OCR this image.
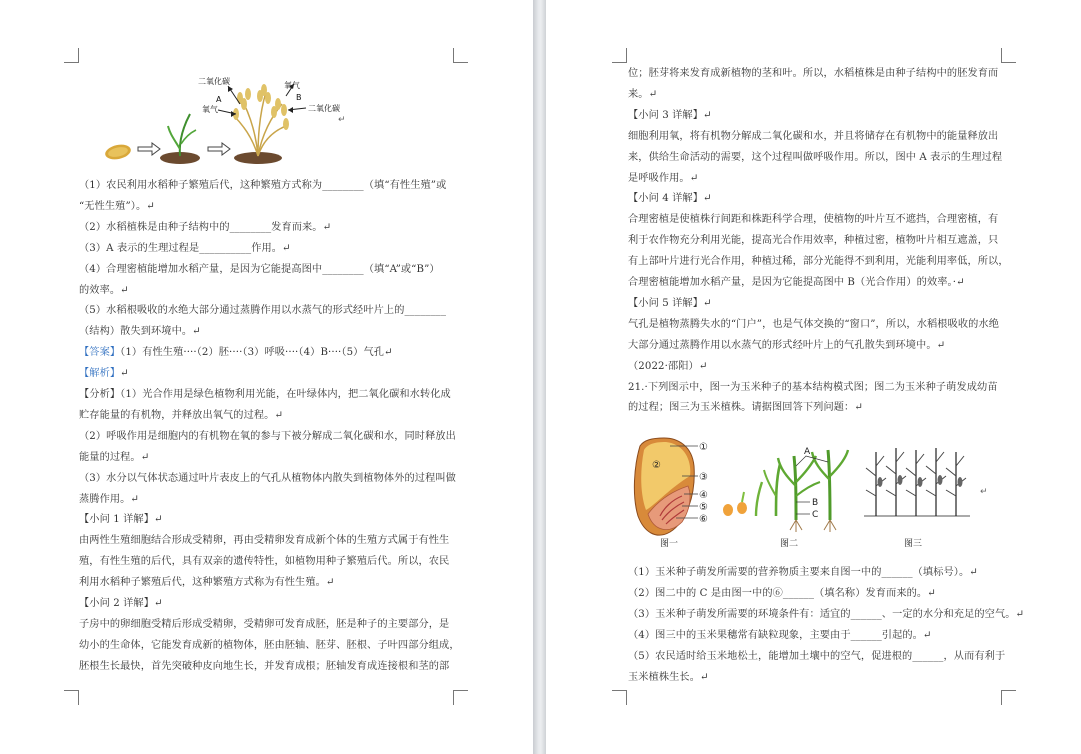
二氧化碳
A
氧气
氧气
B
二氧化碳
↵
（1）农民利用水稻种子繁殖后代，这种繁殖方式称为________（填“有性生殖”或
“无性生殖”）。↵
（2）水稻植株是由种子结构中的________发育而来。↵
（3）A 表示的生理过程是__________作用。↵
（4）合理密植能增加水稻产量，是因为它能提高图中________（填“A”或“B”）
的效率。↵
（5）水稻根吸收的水绝大部分通过蒸腾作用以水蒸气的形式经叶片上的________
（结构）散失到环境中。↵
【答案】（1）有性生殖····（2）胚····（3）呼吸····（4）B····（5）气孔↵
【解析】↵
【分析】（1）光合作用是绿色植物利用光能，在叶绿体内，把二氧化碳和水转化成
贮存能量的有机物，并释放出氧气的过程。↵
（2）呼吸作用是细胞内的有机物在氧的参与下被分解成二氧化碳和水，同时释放出
能量的过程。↵
（3）水分以气体状态通过叶片表皮上的气孔从植物体内散失到植物体外的过程叫做
蒸腾作用。↵
【小问 1 详解】↵
由两性生殖细胞结合形成受精卵，再由受精卵发育成新个体的生殖方式属于有性生
殖，有性生殖的后代，具有双亲的遗传特性，如植物用种子繁殖后代。所以，农民
利用水稻种子繁殖后代，这种繁殖方式称为有性生殖。↵
【小问 2 详解】↵
子房中的卵细胞受精后形成受精卵，受精卵可发育成胚，胚是种子的主要部分，是
幼小的生命体，它能发育成新的植物体，胚由胚轴、胚芽、胚根、子叶四部分组成，
胚根生长最快，首先突破种皮向地生长，并发育成根；胚轴发育成连接根和茎的部
位；胚芽将来发育成新植物的茎和叶。所以，水稻植株是由种子结构中的胚发育而
来。↵
【小问 3 详解】↵
细胞利用氧，将有机物分解成二氧化碳和水，并且将储存在有机物中的能量释放出
来，供给生命活动的需要，这个过程叫做呼吸作用。所以，图中 A 表示的生理过程
是呼吸作用。↵
【小问 4 详解】↵
合理密植是使植株行间距和株距科学合理，使植物的叶片互不遮挡，合理密植，有
利于农作物充分利用光能，提高光合作用效率，种植过密，植物叶片相互遮盖，只
有上部叶片进行光合作用，种植过稀，部分光能得不到利用，光能利用率低，所以，
合理密植能增加水稻产量，是因为它能提高图中 B（光合作用）的效率。·↵
【小问 5 详解】↵
气孔是植物蒸腾失水的“门户”，也是气体交换的“窗口”，所以，水稻根吸收的水绝
大部分通过蒸腾作用以水蒸气的形式经叶片上的气孔散失到环境中。↵
（2022·邵阳）↵
21.·下列图示中，图一为玉米种子的基本结构模式图；图二为玉米种子萌发成幼苗
的过程；图三为玉米植株。请据图回答下列问题：↵
①
②
③
④
⑤
⑥
图一
A
B
C
图二	图三
↵
（1）玉米种子萌发所需要的营养物质主要来自图一中的______（填标号）。↵
（2）图二中的 C 是由图一中的⑥______（填名称）发育而来的。↵
（3）玉米种子萌发所需要的环境条件有：适宜的______、一定的水分和充足的空气。↵
（4）图三中的玉米果穗常有缺粒现象，主要由于______引起的。↵
（5）农民适时给玉米地松土，能增加土壤中的空气，促进根的______，从而有利于
玉米植株生长。↵
